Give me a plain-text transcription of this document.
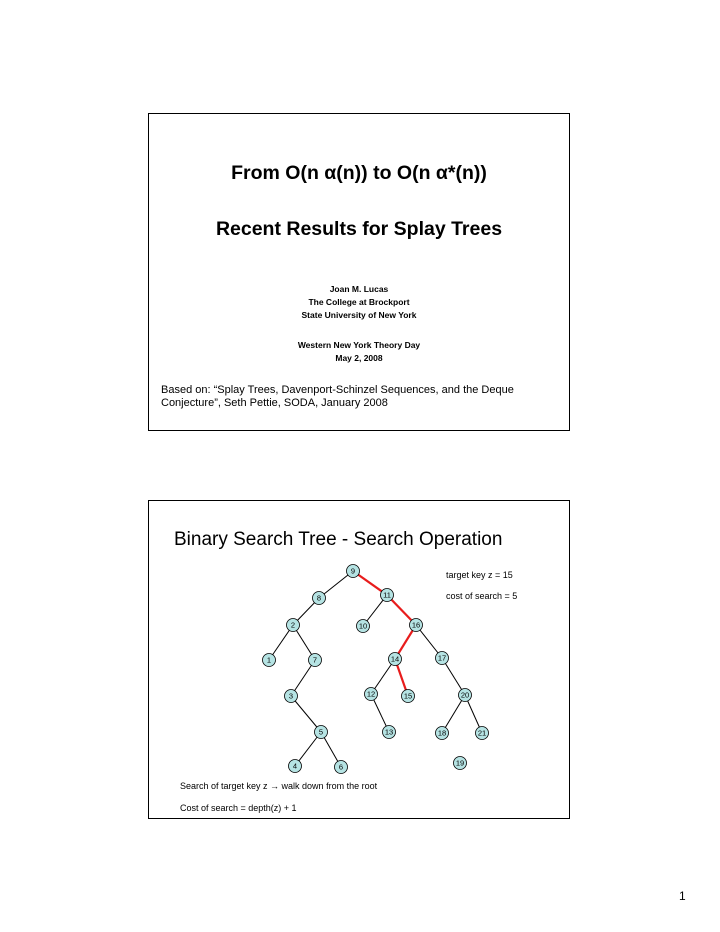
From O(n α(n)) to O(n α*(n))
Recent Results for Splay Trees
Joan M. Lucas
The College at Brockport
State University of New York
Western New York Theory Day
May 2, 2008
Based on: “Splay Trees, Davenport-Schinzel Sequences, and the Deque Conjecture”, Seth Pettie, SODA, January 2008
Binary Search Tree - Search Operation
9
8	11
2	10	16
1	7	14	17
3	12	15	20
5	13	18	21
4	6	19
target key z = 15
cost of search = 5
Search of target key z → walk down from the root
Cost of search = depth(z) + 1
1
